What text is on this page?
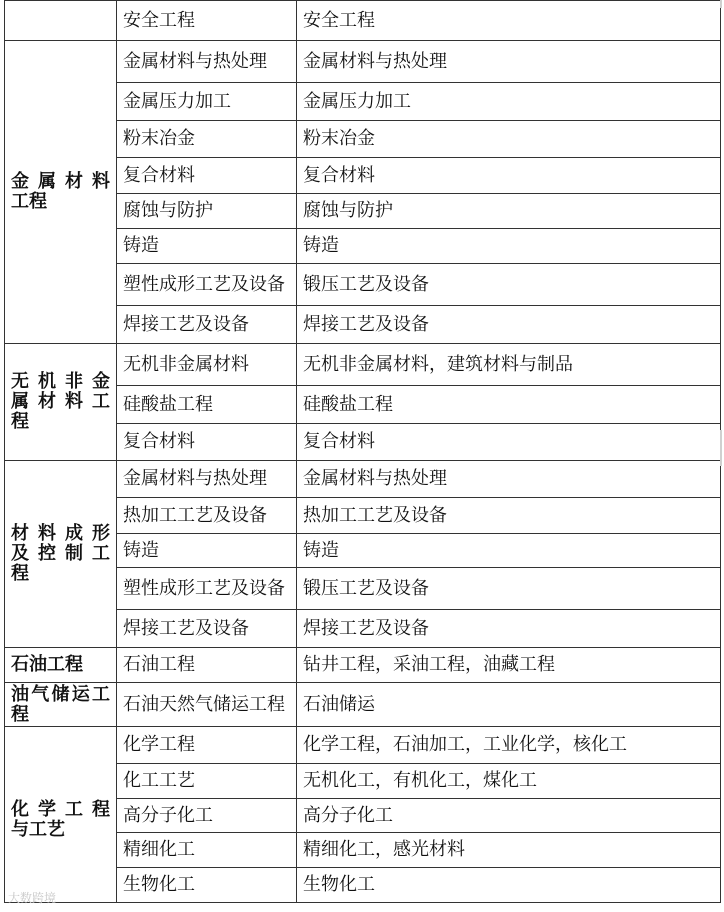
	安全工程	安全工程

金属材料
工程	金属材料与热处理	金属材料与热处理
	金属压力加工	金属压力加工
	粉末冶金	粉末冶金
	复合材料	复合材料
	腐蚀与防护	腐蚀与防护
	铸造	铸造
	塑性成形工艺及设备	锻压工艺及设备
	焊接工艺及设备	焊接工艺及设备

无机非金
属材料工
程	无机非金属材料	无机非金属材料，建筑材料与制品
	硅酸盐工程	硅酸盐工程
	复合材料	复合材料

材料成形
及控制工
程	金属材料与热处理	金属材料与热处理
	热加工工艺及设备	热加工工艺及设备
	铸造	铸造
	塑性成形工艺及设备	锻压工艺及设备
	焊接工艺及设备	焊接工艺及设备
石油工程	石油工程	钻井工程，采油工程，油藏工程

油气储运工
程	石油天然气储运工程	石油储运

化学工程
与工艺	化学工程	化学工程，石油加工，工业化学，核化工
	化工工艺	无机化工，有机化工，煤化工
	高分子化工	高分子化工
	精细化工	精细化工，感光材料
	生物化工	生物化工
大数跨境
